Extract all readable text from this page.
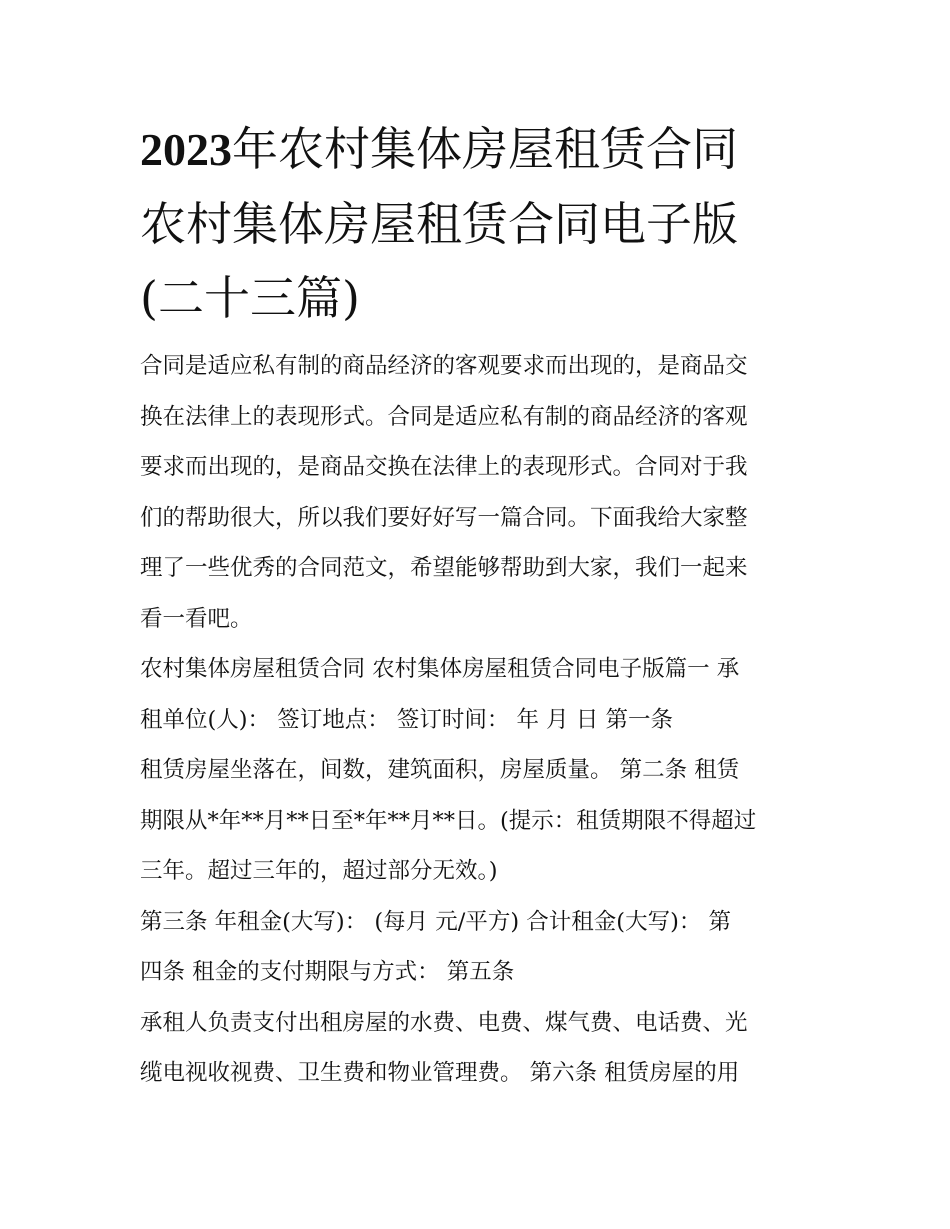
2023年农村集体房屋租赁合同
农村集体房屋租赁合同电子版
(二十三篇)

合同是适应私有制的商品经济的客观要求而出现的，是商品交
换在法律上的表现形式。合同是适应私有制的商品经济的客观
要求而出现的，是商品交换在法律上的表现形式。合同对于我
们的帮助很大，所以我们要好好写一篇合同。下面我给大家整
理了一些优秀的合同范文，希望能够帮助到大家，我们一起来
看一看吧。

农村集体房屋租赁合同 农村集体房屋租赁合同电子版篇一 承
租单位(人)： 签订地点： 签订时间： 年 月 日 第一条

租赁房屋坐落在，间数，建筑面积，房屋质量。 第二条 租赁
期限从*年**月**日至*年**月**日。(提示：租赁期限不得超过
三年。超过三年的，超过部分无效。)

第三条 年租金(大写)： (每月 元/平方) 合计租金(大写)： 第
四条 租金的支付期限与方式： 第五条

承租人负责支付出租房屋的水费、电费、煤气费、电话费、光
缆电视收视费、卫生费和物业管理费。 第六条 租赁房屋的用
